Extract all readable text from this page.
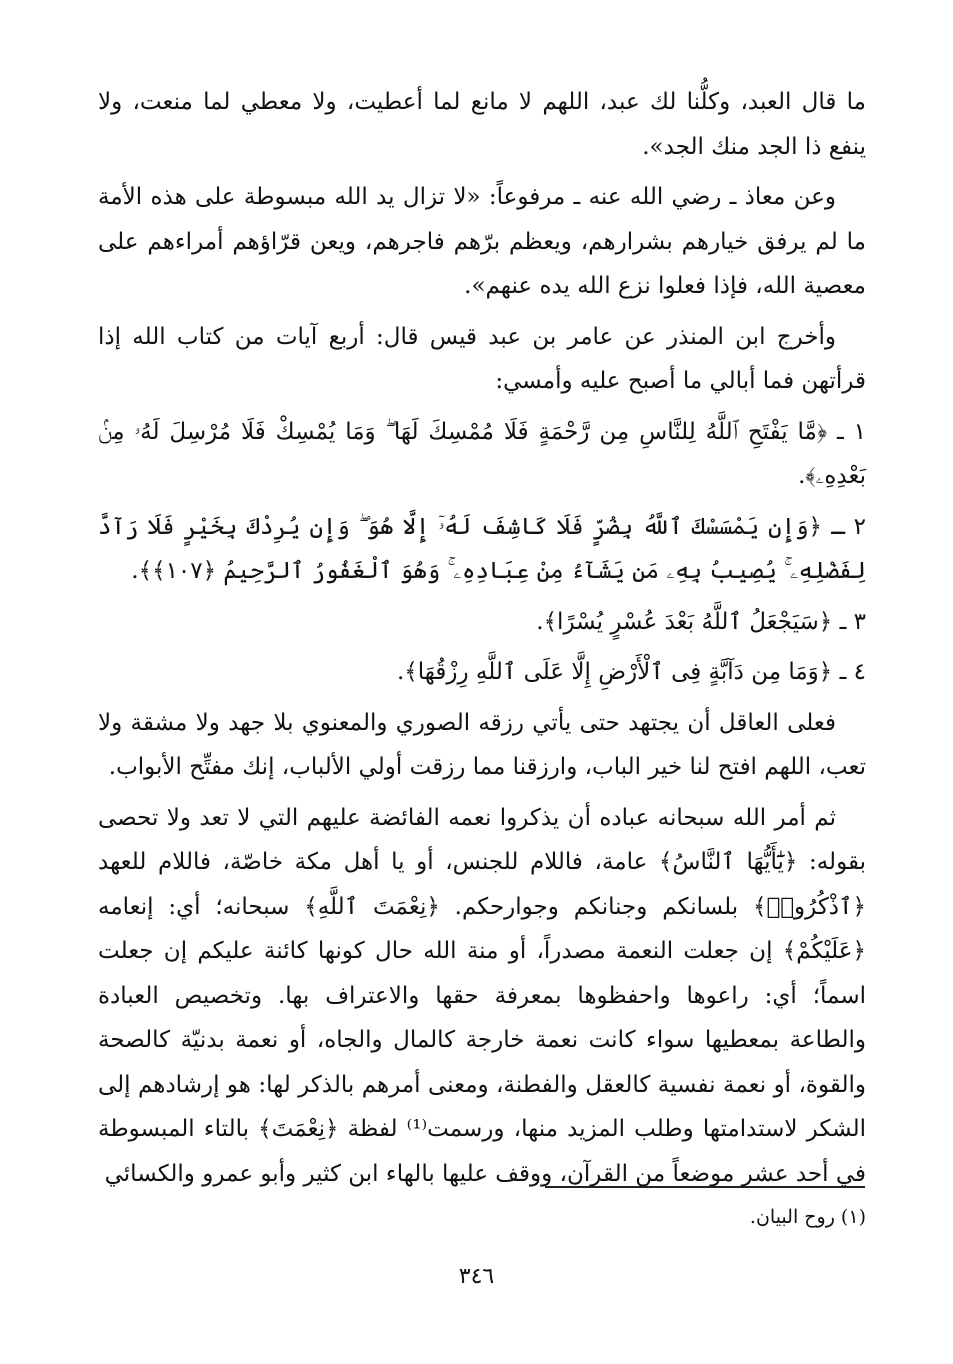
ما قال العبد، وكلُّنا لك عبد، اللهم لا مانع لما أعطيت، ولا معطي لما منعت، ولا ينفع ذا الجد منك الجد».

وعن معاذ ـ رضي الله عنه ـ مرفوعاً: «لا تزال يد الله مبسوطة على هذه الأمة ما لم يرفق خيارهم بشرارهم، ويعظم برّهم فاجرهم، ويعن قرّاؤهم أمراءهم على معصية الله، فإذا فعلوا نزع الله يده عنهم».

وأخرج ابن المنذر عن عامر بن عبد قيس قال: أربع آيات من كتاب الله إذا قرأتهن فما أبالي ما أصبح عليه وأمسي:

١ ـ ﴿مَّا يَفْتَحِ ٱللَّهُ لِلنَّاسِ مِن رَّحْمَةٍ فَلَا مُمْسِكَ لَهَا ۖ وَمَا يُمْسِكْ فَلَا مُرْسِلَ لَهُۥ مِنۢ بَعْدِهِۦ﴾.

٢ ـ ﴿وَإِن يَمْسَسْكَ ٱللَّهُ بِضُرٍّ فَلَا كَاشِفَ لَهُۥٓ إِلَّا هُوَ ۖ وَإِن يُرِدْكَ بِخَيْرٍ فَلَا رَآدَّ لِفَضْلِهِۦ ۚ يُصِيبُ بِهِۦ مَن يَشَآءُ مِنْ عِبَادِهِۦ ۚ وَهُوَ ٱلْغَفُورُ ٱلرَّحِيمُ ﴿١٠٧﴾﴾.

٣ ـ ﴿سَيَجْعَلُ ٱللَّهُ بَعْدَ عُسْرٍ يُسْرًا﴾.

٤ ـ ﴿وَمَا مِن دَآبَّةٍ فِى ٱلْأَرْضِ إِلَّا عَلَى ٱللَّهِ رِزْقُهَا﴾.

فعلى العاقل أن يجتهد حتى يأتي رزقه الصوري والمعنوي بلا جهد ولا مشقة ولا تعب، اللهم افتح لنا خير الباب، وارزقنا مما رزقت أولي الألباب، إنك مفتِّح الأبواب.

ثم أمر الله سبحانه عباده أن يذكروا نعمه الفائضة عليهم التي لا تعد ولا تحصى بقوله: ﴿يَٰٓأَيُّهَا ٱلنَّاسُ﴾ عامة، فاللام للجنس، أو يا أهل مكة خاصّة، فاللام للعهد ﴿ٱذْكُرُوا۟﴾ بلسانكم وجنانكم وجوارحكم. ﴿نِعْمَتَ ٱللَّهِ﴾ سبحانه؛ أي: إنعامه ﴿عَلَيْكُمْ﴾ إن جعلت النعمة مصدراً، أو منة الله حال كونها كائنة عليكم إن جعلت اسماً؛ أي: راعوها واحفظوها بمعرفة حقها والاعتراف بها. وتخصيص العبادة والطاعة بمعطيها سواء كانت نعمة خارجة كالمال والجاه، أو نعمة بدنيّة كالصحة والقوة، أو نعمة نفسية كالعقل والفطنة، ومعنى أمرهم بالذكر لها: هو إرشادهم إلى الشكر لاستدامتها وطلب المزيد منها، ورسمت⁽¹⁾ لفظة ﴿نِعْمَتَ﴾ بالتاء المبسوطة في أحد عشر موضعاً من القرآن، ووقف عليها بالهاء ابن كثير وأبو عمرو والكسائي

(١) روح البيان.
٣٤٦
